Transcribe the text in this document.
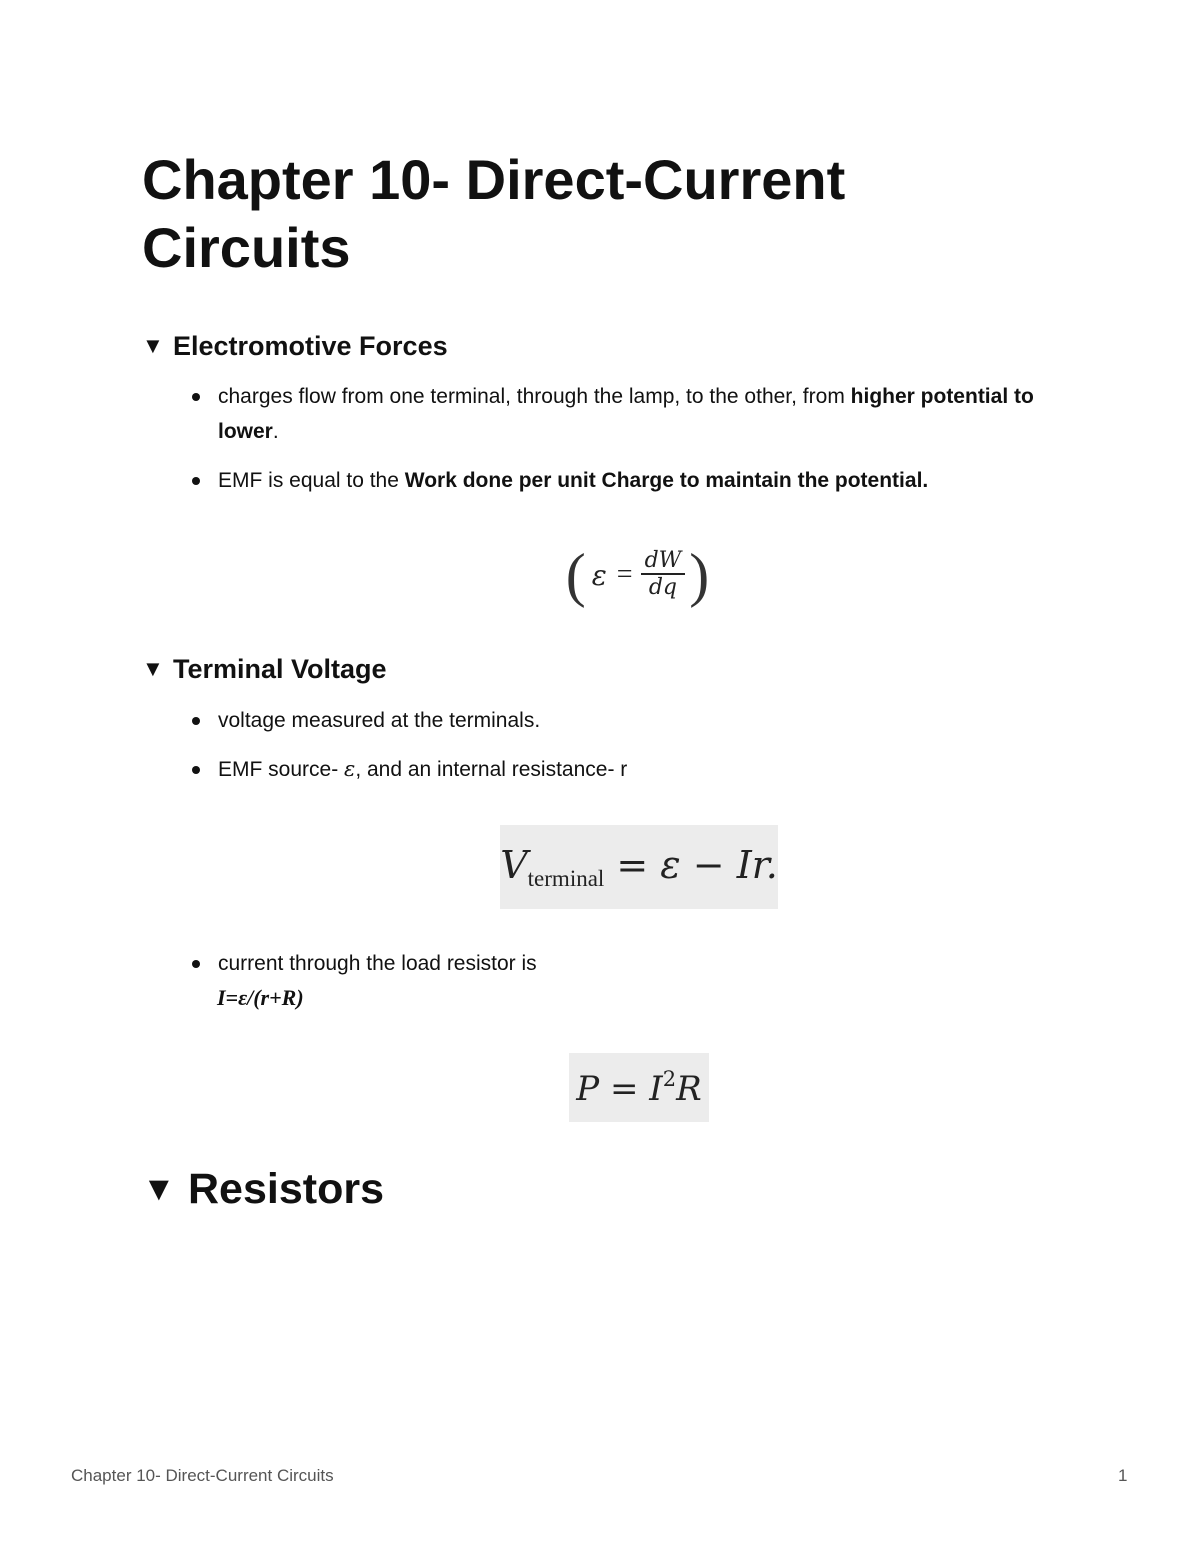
Chapter 10- Direct-Current
Circuits
▼ Electromotive Forces
charges flow from one terminal, through the lamp, to the other, from higher potential to lower.
EMF is equal to the Work done per unit Charge to maintain the potential.
( $\varepsilon = \frac{dW}{dq}$ )
▼ Terminal Voltage
voltage measured at the terminals.
EMF source- ε, and an internal resistance- r
$V_{terminal} = \varepsilon - Ir$.
current through the load resistor is
I=ε/(r+R)
$P = I^2R$
▼ Resistors
Chapter 10- Direct-Current Circuits	1
